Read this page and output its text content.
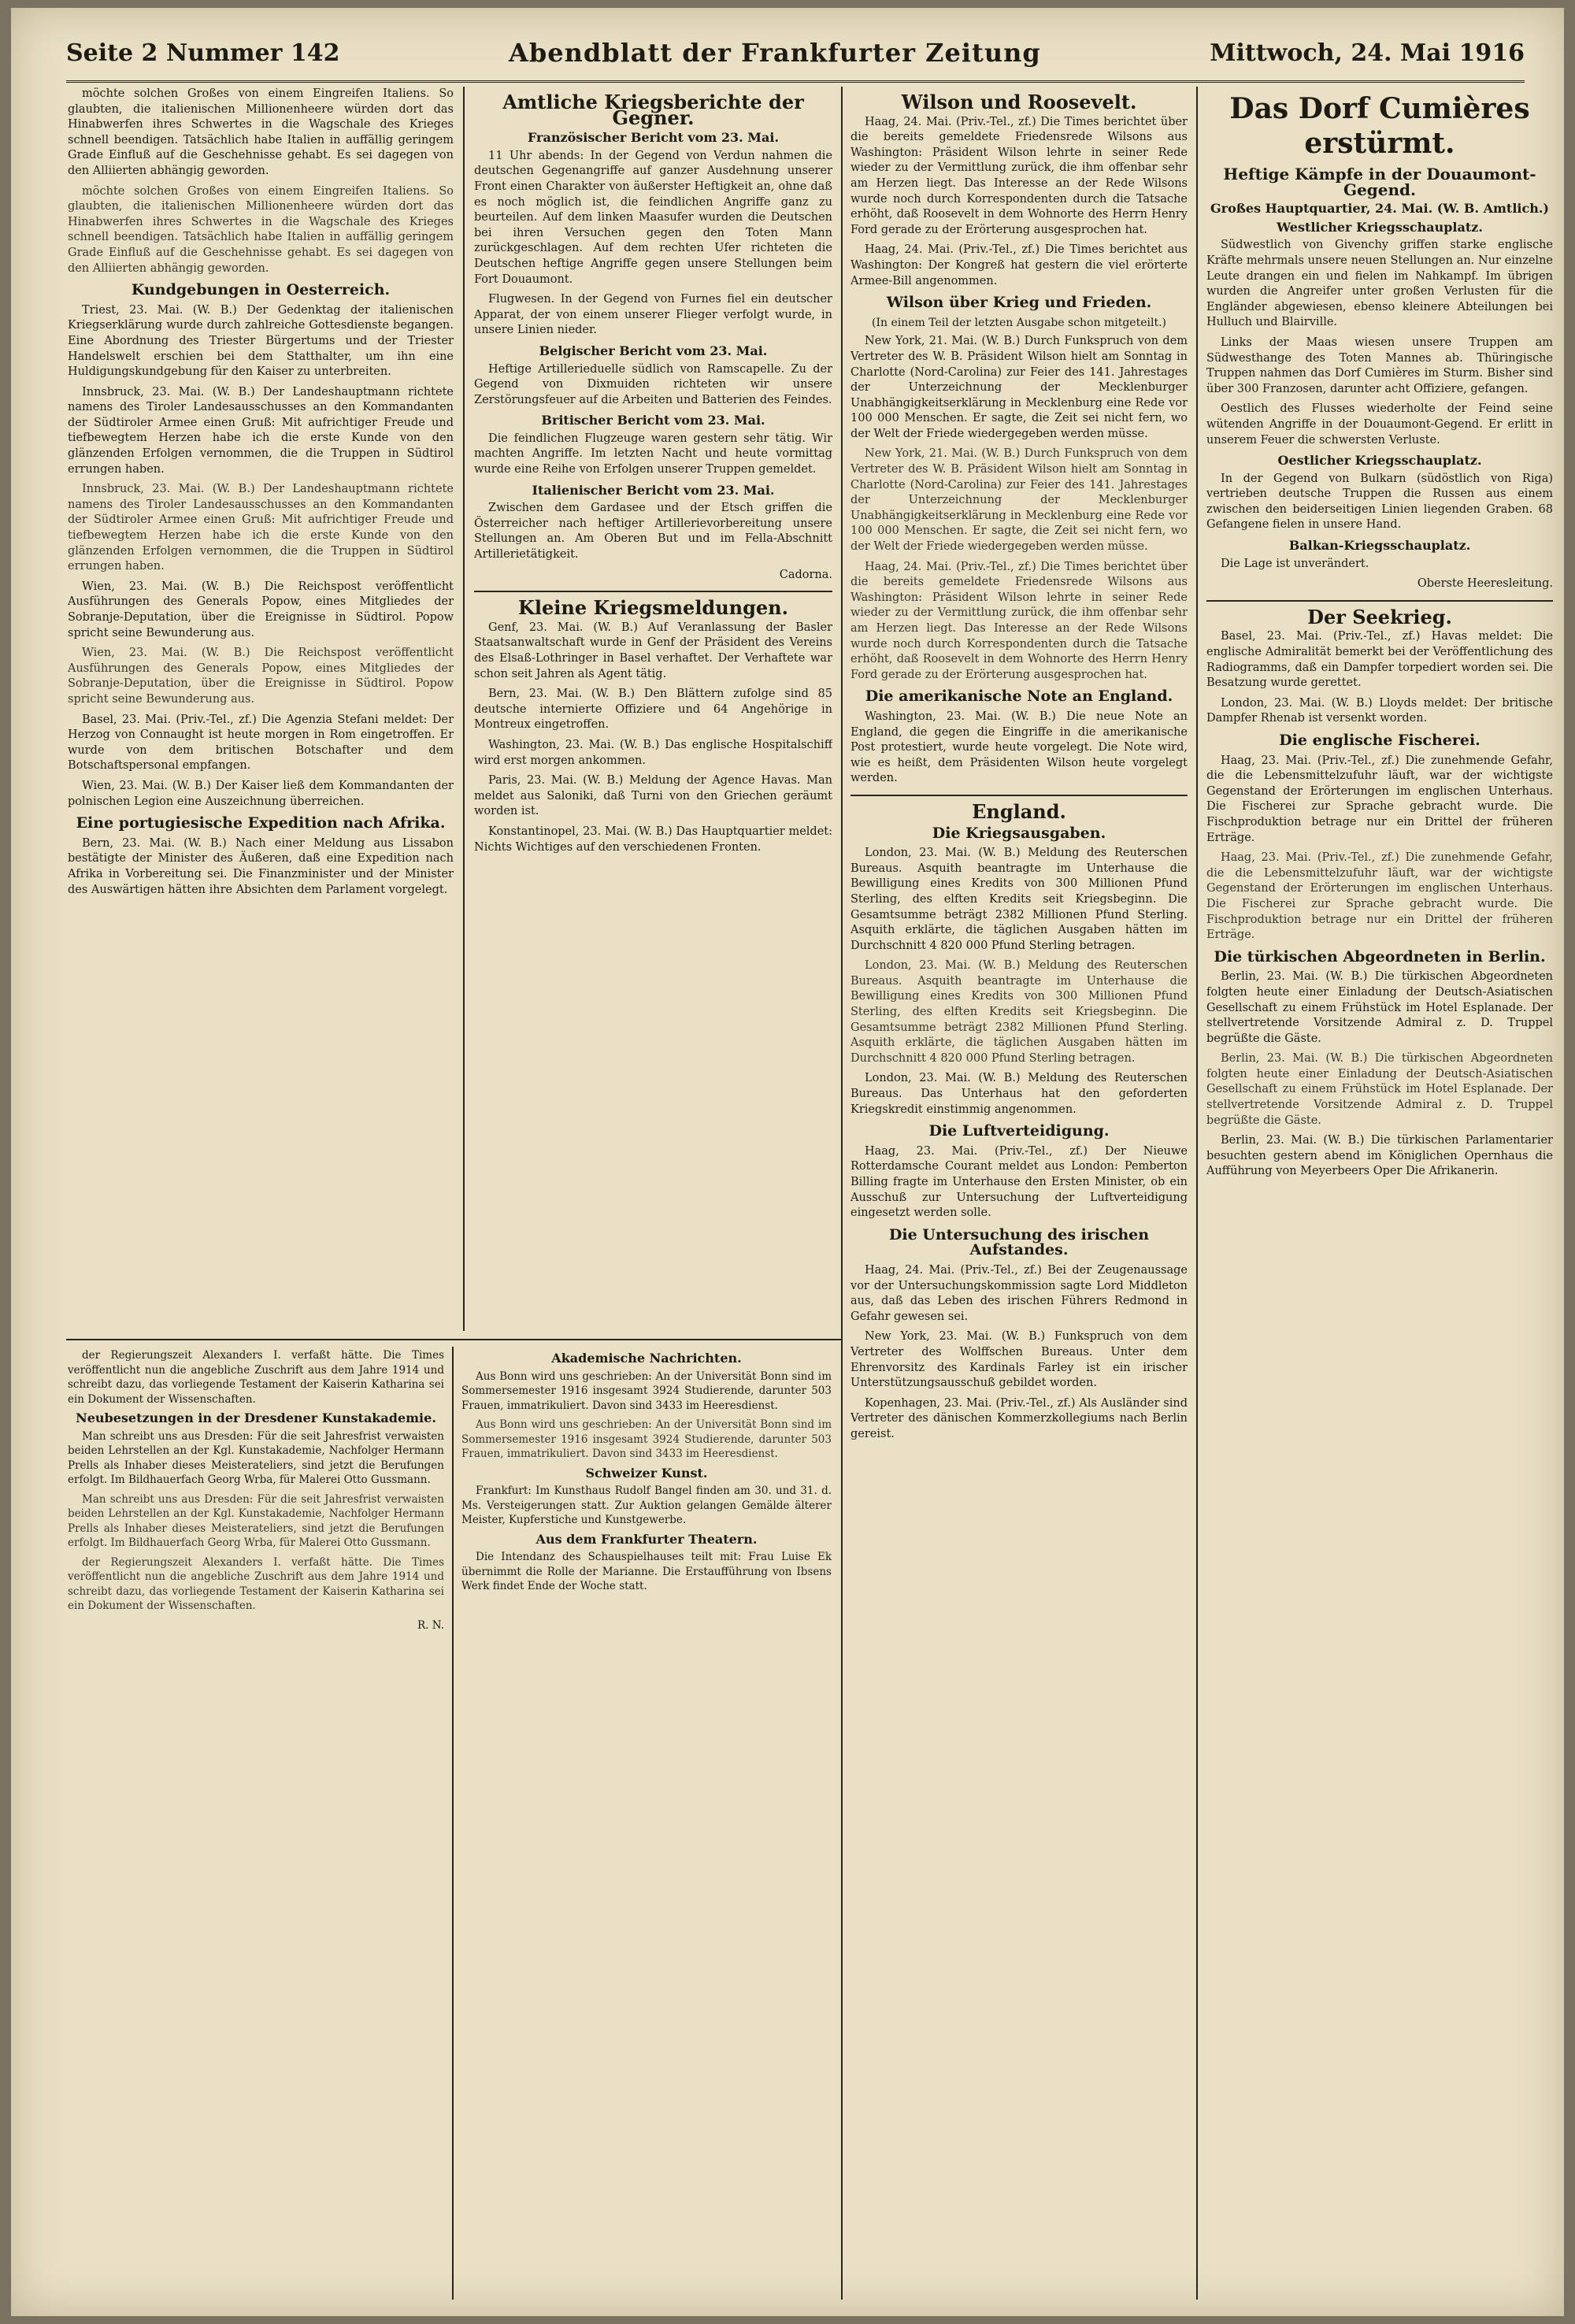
Seite 2 Nummer 142	Abendblatt der Frankfurter Zeitung	Mittwoch, 24. Mai 1916

möchte solchen Großes von einem Eingreifen Italiens. So glaubten, die italienischen Millionenheere würden dort das Hinabwerfen ihres Schwertes in die Wagschale des Krieges schnell beendigen. Tatsächlich habe Italien in auffällig geringem Grade Einfluß auf die Geschehnisse gehabt. Es sei dagegen von den Alliierten abhängig geworden.

möchte solchen Großes von einem Eingreifen Italiens. So glaubten, die italienischen Millionenheere würden dort das Hinabwerfen ihres Schwertes in die Wagschale des Krieges schnell beendigen. Tatsächlich habe Italien in auffällig geringem Grade Einfluß auf die Geschehnisse gehabt. Es sei dagegen von den Alliierten abhängig geworden.

Kundgebungen in Oesterreich.

Triest, 23. Mai. (W. B.) Der Gedenktag der italienischen Kriegserklärung wurde durch zahlreiche Gottesdienste begangen. Eine Abordnung des Triester Bürgertums und der Triester Handelswelt erschien bei dem Statthalter, um ihn eine Huldigungskundgebung für den Kaiser zu unterbreiten.

Innsbruck, 23. Mai. (W. B.) Der Landeshauptmann richtete namens des Tiroler Landesausschusses an den Kommandanten der Südtiroler Armee einen Gruß: Mit aufrichtiger Freude und tiefbewegtem Herzen habe ich die erste Kunde von den glänzenden Erfolgen vernommen, die die Truppen in Südtirol errungen haben.

Innsbruck, 23. Mai. (W. B.) Der Landeshauptmann richtete namens des Tiroler Landesausschusses an den Kommandanten der Südtiroler Armee einen Gruß: Mit aufrichtiger Freude und tiefbewegtem Herzen habe ich die erste Kunde von den glänzenden Erfolgen vernommen, die die Truppen in Südtirol errungen haben.

Wien, 23. Mai. (W. B.) Die Reichspost veröffentlicht Ausführungen des Generals Popow, eines Mitgliedes der Sobranje-Deputation, über die Ereignisse in Südtirol. Popow spricht seine Bewunderung aus.

Wien, 23. Mai. (W. B.) Die Reichspost veröffentlicht Ausführungen des Generals Popow, eines Mitgliedes der Sobranje-Deputation, über die Ereignisse in Südtirol. Popow spricht seine Bewunderung aus.

Basel, 23. Mai. (Priv.-Tel., zf.) Die Agenzia Stefani meldet: Der Herzog von Connaught ist heute morgen in Rom eingetroffen. Er wurde von dem britischen Botschafter und dem Botschaftspersonal empfangen.

Wien, 23. Mai. (W. B.) Der Kaiser ließ dem Kommandanten der polnischen Legion eine Auszeichnung überreichen.

Eine portugiesische Expedition nach Afrika.

Bern, 23. Mai. (W. B.) Nach einer Meldung aus Lissabon bestätigte der Minister des Äußeren, daß eine Expedition nach Afrika in Vorbereitung sei. Die Finanzminister und der Minister des Auswärtigen hätten ihre Absichten dem Parlament vorgelegt.

Amtliche Kriegsberichte der Gegner.
Französischer Bericht vom 23. Mai.

11 Uhr abends: In der Gegend von Verdun nahmen die deutschen Gegenangriffe auf ganzer Ausdehnung unserer Front einen Charakter von äußerster Heftigkeit an, ohne daß es noch möglich ist, die feindlichen Angriffe ganz zu beurteilen. Auf dem linken Maasufer wurden die Deutschen bei ihren Versuchen gegen den Toten Mann zurückgeschlagen. Auf dem rechten Ufer richteten die Deutschen heftige Angriffe gegen unsere Stellungen beim Fort Douaumont.

Flugwesen. In der Gegend von Furnes fiel ein deutscher Apparat, der von einem unserer Flieger verfolgt wurde, in unsere Linien nieder.

Belgischer Bericht vom 23. Mai.

Heftige Artillerieduelle südlich von Ramscapelle. Zu der Gegend von Dixmuiden richteten wir unsere Zerstörungsfeuer auf die Arbeiten und Batterien des Feindes.

Britischer Bericht vom 23. Mai.

Die feindlichen Flugzeuge waren gestern sehr tätig. Wir machten Angriffe. Im letzten Nacht und heute vormittag wurde eine Reihe von Erfolgen unserer Truppen gemeldet.

Italienischer Bericht vom 23. Mai.

Zwischen dem Gardasee und der Etsch griffen die Österreicher nach heftiger Artillerievorbereitung unsere Stellungen an. Am Oberen But und im Fella-Abschnitt Artillerietätigkeit.

Cadorna.

Kleine Kriegsmeldungen.

Genf, 23. Mai. (W. B.) Auf Veranlassung der Basler Staatsanwaltschaft wurde in Genf der Präsident des Vereins des Elsaß-Lothringer in Basel verhaftet. Der Verhaftete war schon seit Jahren als Agent tätig.

Bern, 23. Mai. (W. B.) Den Blättern zufolge sind 85 deutsche internierte Offiziere und 64 Angehörige in Montreux eingetroffen.

Washington, 23. Mai. (W. B.) Das englische Hospitalschiff wird erst morgen ankommen.

Paris, 23. Mai. (W. B.) Meldung der Agence Havas. Man meldet aus Saloniki, daß Turni von den Griechen geräumt worden ist.

Konstantinopel, 23. Mai. (W. B.) Das Hauptquartier meldet: Nichts Wichtiges auf den verschiedenen Fronten.

Wilson und Roosevelt.

Haag, 24. Mai. (Priv.-Tel., zf.) Die Times berichtet über die bereits gemeldete Friedensrede Wilsons aus Washington: Präsident Wilson lehrte in seiner Rede wieder zu der Vermittlung zurück, die ihm offenbar sehr am Herzen liegt. Das Interesse an der Rede Wilsons wurde noch durch Korrespondenten durch die Tatsache erhöht, daß Roosevelt in dem Wohnorte des Herrn Henry Ford gerade zu der Erörterung ausgesprochen hat.

Haag, 24. Mai. (Priv.-Tel., zf.) Die Times berichtet aus Washington: Der Kongreß hat gestern die viel erörterte Armee-Bill angenommen.

Wilson über Krieg und Frieden.
(In einem Teil der letzten Ausgabe schon mitgeteilt.)

New York, 21. Mai. (W. B.) Durch Funkspruch von dem Vertreter des W. B. Präsident Wilson hielt am Sonntag in Charlotte (Nord-Carolina) zur Feier des 141. Jahrestages der Unterzeichnung der Mecklenburger Unabhängigkeitserklärung in Mecklenburg eine Rede vor 100 000 Menschen. Er sagte, die Zeit sei nicht fern, wo der Welt der Friede wiedergegeben werden müsse.

New York, 21. Mai. (W. B.) Durch Funkspruch von dem Vertreter des W. B. Präsident Wilson hielt am Sonntag in Charlotte (Nord-Carolina) zur Feier des 141. Jahrestages der Unterzeichnung der Mecklenburger Unabhängigkeitserklärung in Mecklenburg eine Rede vor 100 000 Menschen. Er sagte, die Zeit sei nicht fern, wo der Welt der Friede wiedergegeben werden müsse.

Haag, 24. Mai. (Priv.-Tel., zf.) Die Times berichtet über die bereits gemeldete Friedensrede Wilsons aus Washington: Präsident Wilson lehrte in seiner Rede wieder zu der Vermittlung zurück, die ihm offenbar sehr am Herzen liegt. Das Interesse an der Rede Wilsons wurde noch durch Korrespondenten durch die Tatsache erhöht, daß Roosevelt in dem Wohnorte des Herrn Henry Ford gerade zu der Erörterung ausgesprochen hat.

Die amerikanische Note an England.

Washington, 23. Mai. (W. B.) Die neue Note an England, die gegen die Eingriffe in die amerikanische Post protestiert, wurde heute vorgelegt. Die Note wird, wie es heißt, dem Präsidenten Wilson heute vorgelegt werden.

England.
Die Kriegsausgaben.

London, 23. Mai. (W. B.) Meldung des Reuterschen Bureaus. Asquith beantragte im Unterhause die Bewilligung eines Kredits von 300 Millionen Pfund Sterling, des elften Kredits seit Kriegsbeginn. Die Gesamtsumme beträgt 2382 Millionen Pfund Sterling. Asquith erklärte, die täglichen Ausgaben hätten im Durchschnitt 4 820 000 Pfund Sterling betragen.

London, 23. Mai. (W. B.) Meldung des Reuterschen Bureaus. Asquith beantragte im Unterhause die Bewilligung eines Kredits von 300 Millionen Pfund Sterling, des elften Kredits seit Kriegsbeginn. Die Gesamtsumme beträgt 2382 Millionen Pfund Sterling. Asquith erklärte, die täglichen Ausgaben hätten im Durchschnitt 4 820 000 Pfund Sterling betragen.

London, 23. Mai. (W. B.) Meldung des Reuterschen Bureaus. Das Unterhaus hat den geforderten Kriegskredit einstimmig angenommen.

Die Luftverteidigung.

Haag, 23. Mai. (Priv.-Tel., zf.) Der Nieuwe Rotterdamsche Courant meldet aus London: Pemberton Billing fragte im Unterhause den Ersten Minister, ob ein Ausschuß zur Untersuchung der Luftverteidigung eingesetzt werden solle.

Die Untersuchung des irischen Aufstandes.

Haag, 24. Mai. (Priv.-Tel., zf.) Bei der Zeugenaussage vor der Untersuchungskommission sagte Lord Middleton aus, daß das Leben des irischen Führers Redmond in Gefahr gewesen sei.

New York, 23. Mai. (W. B.) Funkspruch von dem Vertreter des Wolffschen Bureaus. Unter dem Ehrenvorsitz des Kardinals Farley ist ein irischer Unterstützungsausschuß gebildet worden.

Kopenhagen, 23. Mai. (Priv.-Tel., zf.) Als Ausländer sind Vertreter des dänischen Kommerzkollegiums nach Berlin gereist.

Das Dorf Cumières erstürmt.
Heftige Kämpfe in der Douaumont-Gegend.
Großes Hauptquartier, 24. Mai. (W. B. Amtlich.)
Westlicher Kriegsschauplatz.

Südwestlich von Givenchy griffen starke englische Kräfte mehrmals unsere neuen Stellungen an. Nur einzelne Leute drangen ein und fielen im Nahkampf. Im übrigen wurden die Angreifer unter großen Verlusten für die Engländer abgewiesen, ebenso kleinere Abteilungen bei Hulluch und Blairville.

Links der Maas wiesen unsere Truppen am Südwesthange des Toten Mannes ab. Thüringische Truppen nahmen das Dorf Cumières im Sturm. Bisher sind über 300 Franzosen, darunter acht Offiziere, gefangen.

Oestlich des Flusses wiederholte der Feind seine wütenden Angriffe in der Douaumont-Gegend. Er erlitt in unserem Feuer die schwersten Verluste.

Oestlicher Kriegsschauplatz.

In der Gegend von Bulkarn (südöstlich von Riga) vertrieben deutsche Truppen die Russen aus einem zwischen den beiderseitigen Linien liegenden Graben. 68 Gefangene fielen in unsere Hand.

Balkan-Kriegsschauplatz.

Die Lage ist unverändert.

Oberste Heeresleitung.

Der Seekrieg.

Basel, 23. Mai. (Priv.-Tel., zf.) Havas meldet: Die englische Admiralität bemerkt bei der Veröffentlichung des Radiogramms, daß ein Dampfer torpediert worden sei. Die Besatzung wurde gerettet.

London, 23. Mai. (W. B.) Lloyds meldet: Der britische Dampfer Rhenab ist versenkt worden.

Die englische Fischerei.

Haag, 23. Mai. (Priv.-Tel., zf.) Die zunehmende Gefahr, die die Lebensmittelzufuhr läuft, war der wichtigste Gegenstand der Erörterungen im englischen Unterhaus. Die Fischerei zur Sprache gebracht wurde. Die Fischproduktion betrage nur ein Drittel der früheren Erträge.

Haag, 23. Mai. (Priv.-Tel., zf.) Die zunehmende Gefahr, die die Lebensmittelzufuhr läuft, war der wichtigste Gegenstand der Erörterungen im englischen Unterhaus. Die Fischerei zur Sprache gebracht wurde. Die Fischproduktion betrage nur ein Drittel der früheren Erträge.

Die türkischen Abgeordneten in Berlin.

Berlin, 23. Mai. (W. B.) Die türkischen Abgeordneten folgten heute einer Einladung der Deutsch-Asiatischen Gesellschaft zu einem Frühstück im Hotel Esplanade. Der stellvertretende Vorsitzende Admiral z. D. Truppel begrüßte die Gäste.

Berlin, 23. Mai. (W. B.) Die türkischen Abgeordneten folgten heute einer Einladung der Deutsch-Asiatischen Gesellschaft zu einem Frühstück im Hotel Esplanade. Der stellvertretende Vorsitzende Admiral z. D. Truppel begrüßte die Gäste.

Berlin, 23. Mai. (W. B.) Die türkischen Parlamentarier besuchten gestern abend im Königlichen Opernhaus die Aufführung von Meyerbeers Oper Die Afrikanerin.

der Regierungszeit Alexanders I. verfaßt hätte. Die Times veröffentlicht nun die angebliche Zuschrift aus dem Jahre 1914 und schreibt dazu, das vorliegende Testament der Kaiserin Katharina sei ein Dokument der Wissenschaften.

Neubesetzungen in der Dresdener Kunstakademie.

Man schreibt uns aus Dresden: Für die seit Jahresfrist verwaisten beiden Lehrstellen an der Kgl. Kunstakademie, Nachfolger Hermann Prells als Inhaber dieses Meisterateliers, sind jetzt die Berufungen erfolgt. Im Bildhauerfach Georg Wrba, für Malerei Otto Gussmann.

Man schreibt uns aus Dresden: Für die seit Jahresfrist verwaisten beiden Lehrstellen an der Kgl. Kunstakademie, Nachfolger Hermann Prells als Inhaber dieses Meisterateliers, sind jetzt die Berufungen erfolgt. Im Bildhauerfach Georg Wrba, für Malerei Otto Gussmann.

der Regierungszeit Alexanders I. verfaßt hätte. Die Times veröffentlicht nun die angebliche Zuschrift aus dem Jahre 1914 und schreibt dazu, das vorliegende Testament der Kaiserin Katharina sei ein Dokument der Wissenschaften.

R. N.

Akademische Nachrichten.

Aus Bonn wird uns geschrieben: An der Universität Bonn sind im Sommersemester 1916 insgesamt 3924 Studierende, darunter 503 Frauen, immatrikuliert. Davon sind 3433 im Heeresdienst.

Aus Bonn wird uns geschrieben: An der Universität Bonn sind im Sommersemester 1916 insgesamt 3924 Studierende, darunter 503 Frauen, immatrikuliert. Davon sind 3433 im Heeresdienst.

Schweizer Kunst.

Frankfurt: Im Kunsthaus Rudolf Bangel finden am 30. und 31. d. Ms. Versteigerungen statt. Zur Auktion gelangen Gemälde älterer Meister, Kupferstiche und Kunstgewerbe.

Aus dem Frankfurter Theatern.

Die Intendanz des Schauspielhauses teilt mit: Frau Luise Ek übernimmt die Rolle der Marianne. Die Erstaufführung von Ibsens Werk findet Ende der Woche statt.
